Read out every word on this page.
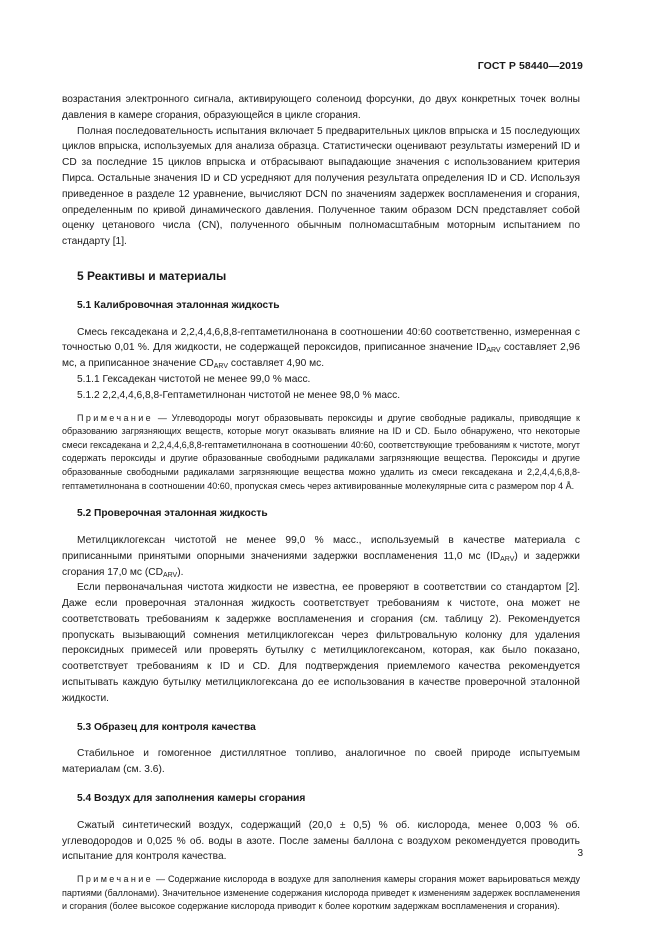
ГОСТ Р 58440—2019

возрастания электронного сигнала, активирующего соленоид форсунки, до двух конкретных точек волны давления в камере сгорания, образующейся в цикле сгорания.

Полная последовательность испытания включает 5 предварительных циклов впрыска и 15 последующих циклов впрыска, используемых для анализа образца. Статистически оценивают результаты измерений ID и CD за последние 15 циклов впрыска и отбрасывают выпадающие значения с использованием критерия Пирса. Остальные значения ID и CD усредняют для получения результата определения ID и CD. Используя приведенное в разделе 12 уравнение, вычисляют DCN по значениям задержек воспламенения и сгорания, определенным по кривой динамического давления. Полученное таким образом DCN представляет собой оценку цетанового числа (CN), полученного обычным полномасштабным моторным испытанием по стандарту [1].

5 Реактивы и материалы
5.1 Калибровочная эталонная жидкость

Смесь гексадекана и 2,2,4,4,6,8,8-гептаметилнонана в соотношении 40:60 соответственно, измеренная с точностью 0,01 %. Для жидкости, не содержащей пероксидов, приписанное значение $ID_{ARV}$ составляет 2,96 мс, а приписанное значение $CD_{ARV}$ составляет 4,90 мс.

5.1.1 Гексадекан чистотой не менее 99,0 % масс.

5.1.2 2,2,4,4,6,8,8-Гептаметилнонан чистотой не менее 98,0 % масс.

Примечание — Углеводороды могут образовывать пероксиды и другие свободные радикалы, приводящие к образованию загрязняющих веществ, которые могут оказывать влияние на ID и CD. Было обнаружено, что некоторые смеси гексадекана и 2,2,4,4,6,8,8-гептаметилнонана в соотношении 40:60, соответствующие требованиям к чистоте, могут содержать пероксиды и другие образованные свободными радикалами загрязняющие вещества. Пероксиды и другие образованные свободными радикалами загрязняющие вещества можно удалить из смеси гексадекана и 2,2,4,4,6,8,8-гептаметилнонана в соотношении 40:60, пропуская смесь через активированные молекулярные сита с размером пор 4 Å.

5.2 Проверочная эталонная жидкость

Метилциклогексан чистотой не менее 99,0 % масс., используемый в качестве материала с приписанными принятыми опорными значениями задержки воспламенения 11,0 мс $(ID_{ARV})$ и задержки сгорания 17,0 мс $(CD_{ARV})$.

Если первоначальная чистота жидкости не известна, ее проверяют в соответствии со стандартом [2]. Даже если проверочная эталонная жидкость соответствует требованиям к чистоте, она может не соответствовать требованиям к задержке воспламенения и сгорания (см. таблицу 2). Рекомендуется пропускать вызывающий сомнения метилциклогексан через фильтровальную колонку для удаления пероксидных примесей или проверять бутылку с метилциклогексаном, которая, как было показано, соответствует требованиям к ID и CD. Для подтверждения приемлемого качества рекомендуется испытывать каждую бутылку метилциклогексана до ее использования в качестве проверочной эталонной жидкости.

5.3 Образец для контроля качества

Стабильное и гомогенное дистиллятное топливо, аналогичное по своей природе испытуемым материалам (см. 3.6).

5.4 Воздух для заполнения камеры сгорания

Сжатый синтетический воздух, содержащий (20,0 ± 0,5) % об. кислорода, менее 0,003 % об. углеводородов и 0,025 % об. воды в азоте. После замены баллона с воздухом рекомендуется проводить испытание для контроля качества.

Примечание — Содержание кислорода в воздухе для заполнения камеры сгорания может варьироваться между партиями (баллонами). Значительное изменение содержания кислорода приведет к изменениям задержек воспламенения и сгорания (более высокое содержание кислорода приводит к более коротким задержкам воспламенения и сгорания).

3
